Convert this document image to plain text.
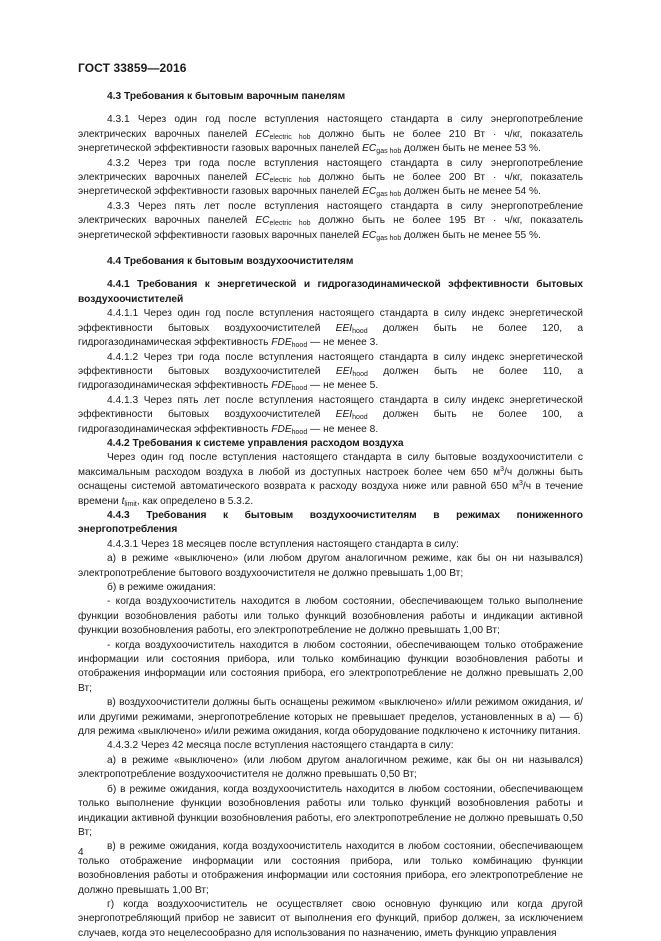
ГОСТ 33859—2016

4.3 Требования к бытовым варочным панелям

4.3.1 Через один год после вступления настоящего стандарта в силу энергопотребление электрических варочных панелей $EC_{electric hob}$ должно быть не более 210 Вт · ч/кг, показатель энергетической эффективности газовых варочных панелей $EC_{gas hob}$ должен быть не менее 53 %.

4.3.2 Через три года после вступления настоящего стандарта в силу энергопотребление электрических варочных панелей $EC_{electric hob}$ должно быть не более 200 Вт · ч/кг, показатель энергетической эффективности газовых варочных панелей $EC_{gas hob}$ должен быть не менее 54 %.

4.3.3 Через пять лет после вступления настоящего стандарта в силу энергопотребление электрических варочных панелей $EC_{electric hob}$ должно быть не более 195 Вт · ч/кг, показатель энергетической эффективности газовых варочных панелей $EC_{gas hob}$ должен быть не менее 55 %.

4.4 Требования к бытовым воздухоочистителям

4.4.1 Требования к энергетической и гидрогазодинамической эффективности бытовых воздухоочистителей

4.4.1.1 Через один год после вступления настоящего стандарта в силу индекс энергетической эффективности бытовых воздухоочистителей $EEI_{hood}$ должен быть не более 120, а гидрогазодинамическая эффективность $FDE_{hood}$ — не менее 3.

4.4.1.2 Через три года после вступления настоящего стандарта в силу индекс энергетической эффективности бытовых воздухоочистителей $EEI_{hood}$ должен быть не более 110, а гидрогазодинамическая эффективность $FDE_{hood}$ — не менее 5.

4.4.1.3 Через пять лет после вступления настоящего стандарта в силу индекс энергетической эффективности бытовых воздухоочистителей $EEI_{hood}$ должен быть не более 100, а гидрогазодинамическая эффективность $FDE_{hood}$ — не менее 8.

4.4.2 Требования к системе управления расходом воздуха

Через один год после вступления настоящего стандарта в силу бытовые воздухоочистители с максимальным расходом воздуха в любой из доступных настроек более чем 650 $м^3/ч$ должны быть оснащены системой автоматического возврата к расходу воздуха ниже или равной 650 $м^3/ч$ в течение времени $t_{limit}$, как определено в 5.3.2.

4.4.3 Требования к бытовым воздухоочистителям в режимах пониженного энергопотребления

4.4.3.1 Через 18 месяцев после вступления настоящего стандарта в силу:

а) в режиме «выключено» (или любом другом аналогичном режиме, как бы он ни назывался) электропотребление бытового воздухоочистителя не должно превышать 1,00 Вт;

б) в режиме ожидания:

- когда воздухоочиститель находится в любом состоянии, обеспечивающем только выполнение функции возобновления работы или только функций возобновления работы и индикации активной функции возобновления работы, его электропотребление не должно превышать 1,00 Вт;

- когда воздухоочиститель находится в любом состоянии, обеспечивающем только отображение информации или состояния прибора, или только комбинацию функции возобновления работы и отображения информации или состояния прибора, его электропотребление не должно превышать 2,00 Вт;

в) воздухоочистители должны быть оснащены режимом «выключено» и/или режимом ожидания, и/или другими режимами, энергопотребление которых не превышает пределов, установленных в а) — б) для режима «выключено» и/или режима ожидания, когда оборудование подключено к источнику питания.

4.4.3.2 Через 42 месяца после вступления настоящего стандарта в силу:

а) в режиме «выключено» (или любом другом аналогичном режиме, как бы он ни назывался) электропотребление воздухоочистителя не должно превышать 0,50 Вт;

б) в режиме ожидания, когда воздухоочиститель находится в любом состоянии, обеспечивающем только выполнение функции возобновления работы или только функций возобновления работы и индикации активной функции возобновления работы, его электропотребление не должно превышать 0,50 Вт;

в) в режиме ожидания, когда воздухоочиститель находится в любом состоянии, обеспечивающем только отображение информации или состояния прибора, или только комбинацию функции возобновления работы и отображения информации или состояния прибора, его электропотребление не должно превышать 1,00 Вт;

г) когда воздухоочиститель не осуществляет свою основную функцию или когда другой энергопотребляющий прибор не зависит от выполнения его функций, прибор должен, за исключением случаев, когда это нецелесообразно для использования по назначению, иметь функцию управления

4
